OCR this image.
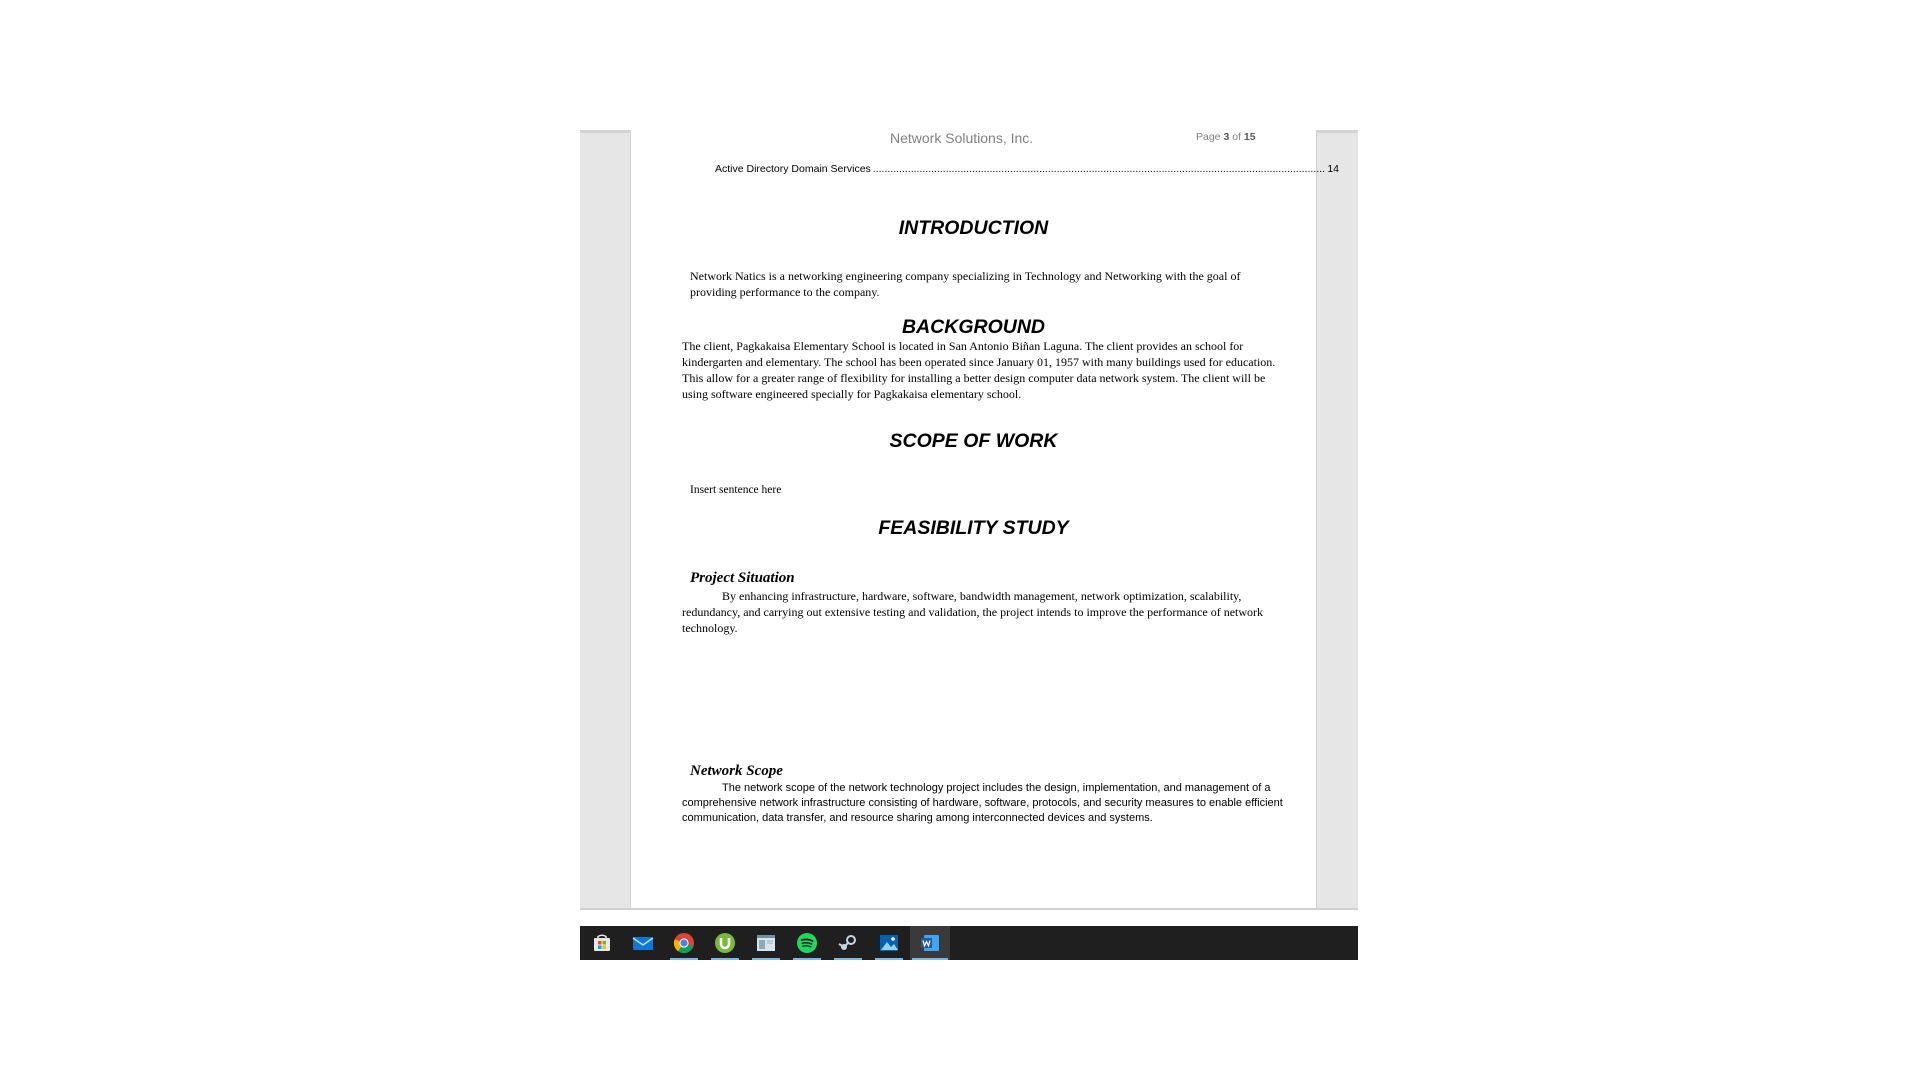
Network Solutions, Inc.	Page 3 of 15
Active Directory Domain Services
.....	14
INTRODUCTION
Network Natics is a networking engineering company specializing in Technology and Networking with the goal of providing performance to the company.
BACKGROUND
The client, Pagkakaisa Elementary School is located in San Antonio Biñan Laguna. The client provides an school for kindergarten and elementary. The school has been operated since January 01, 1957 with many buildings used for education. This allow for a greater range of flexibility for installing a better design computer data network system. The client will be using software engineered specially for Pagkakaisa elementary school.
SCOPE OF WORK
Insert sentence here
FEASIBILITY STUDY
Project Situation
By enhancing infrastructure, hardware, software, bandwidth management, network optimization, scalability, redundancy, and carrying out extensive testing and validation, the project intends to improve the performance of network technology.
Network Scope
The network scope of the network technology project includes the design, implementation, and management of a comprehensive network infrastructure consisting of hardware, software, protocols, and security measures to enable efficient communication, data transfer, and resource sharing among interconnected devices and systems.
